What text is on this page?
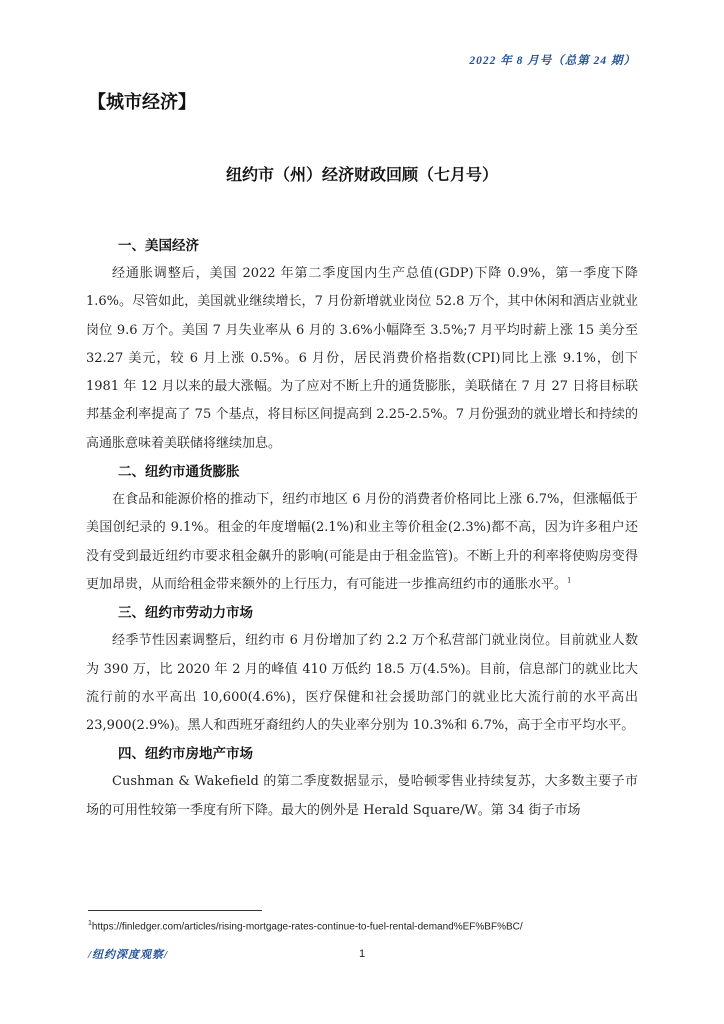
2022 年 8 月号（总第 24 期）
【城市经济】
纽约市（州）经济财政回顾（七月号）
一、美国经济

经通胀调整后，美国 2022 年第二季度国内生产总值(GDP)下降 0.9%，第一季度下降 1.6%。尽管如此，美国就业继续增长，7 月份新增就业岗位 52.8 万个，其中休闲和酒店业就业岗位 9.6 万个。美国 7 月失业率从 6 月的 3.6%小幅降至 3.5%;7 月平均时薪上涨 15 美分至 32.27 美元，较 6 月上涨 0.5%。6 月份，居民消费价格指数(CPI)同比上涨 9.1%，创下 1981 年 12 月以来的最大涨幅。为了应对不断上升的通货膨胀，美联储在 7 月 27 日将目标联邦基金利率提高了 75 个基点，将目标区间提高到 2.25-2.5%。7 月份强劲的就业增长和持续的高通胀意味着美联储将继续加息。

二、纽约市通货膨胀

在食品和能源价格的推动下，纽约市地区 6 月份的消费者价格同比上涨 6.7%，但涨幅低于美国创纪录的 9.1%。租金的年度增幅(2.1%)和业主等价租金(2.3%)都不高，因为许多租户还没有受到最近纽约市要求租金飙升的影响(可能是由于租金监管)。不断上升的利率将使购房变得更加昂贵，从而给租金带来额外的上行压力，有可能进一步推高纽约市的通胀水平。$^1$

三、纽约市劳动力市场

经季节性因素调整后，纽约市 6 月份增加了约 2.2 万个私营部门就业岗位。目前就业人数为 390 万，比 2020 年 2 月的峰值 410 万低约 18.5 万(4.5%)。目前，信息部门的就业比大流行前的水平高出 10,600(4.6%)，医疗保健和社会援助部门的就业比大流行前的水平高出 23,900(2.9%)。黑人和西班牙裔纽约人的失业率分别为 10.3%和 6.7%，高于全市平均水平。

四、纽约市房地产市场

Cushman & Wakefield 的第二季度数据显示，曼哈顿零售业持续复苏，大多数主要子市场的可用性较第一季度有所下降。最大的例外是 Herald Square/W。第 34 街子市场

$^1$https://finledger.com/articles/rising-mortgage-rates-continue-to-fuel-rental-demand%EF%BF%BC/
/纽约深度观察/	1
